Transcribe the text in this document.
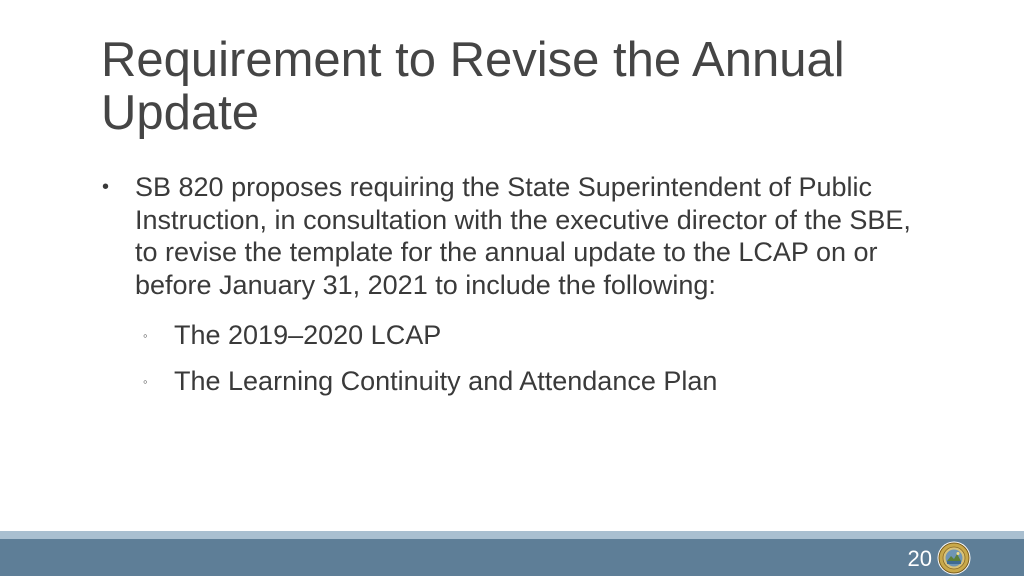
Requirement to Revise the Annual Update
• SB 820 proposes requiring the State Superintendent of Public Instruction, in consultation with the executive director of the SBE, to revise the template for the annual update to the LCAP on or before January 31, 2021 to include the following:
◦ The 2019–2020 LCAP
◦ The Learning Continuity and Attendance Plan
20
